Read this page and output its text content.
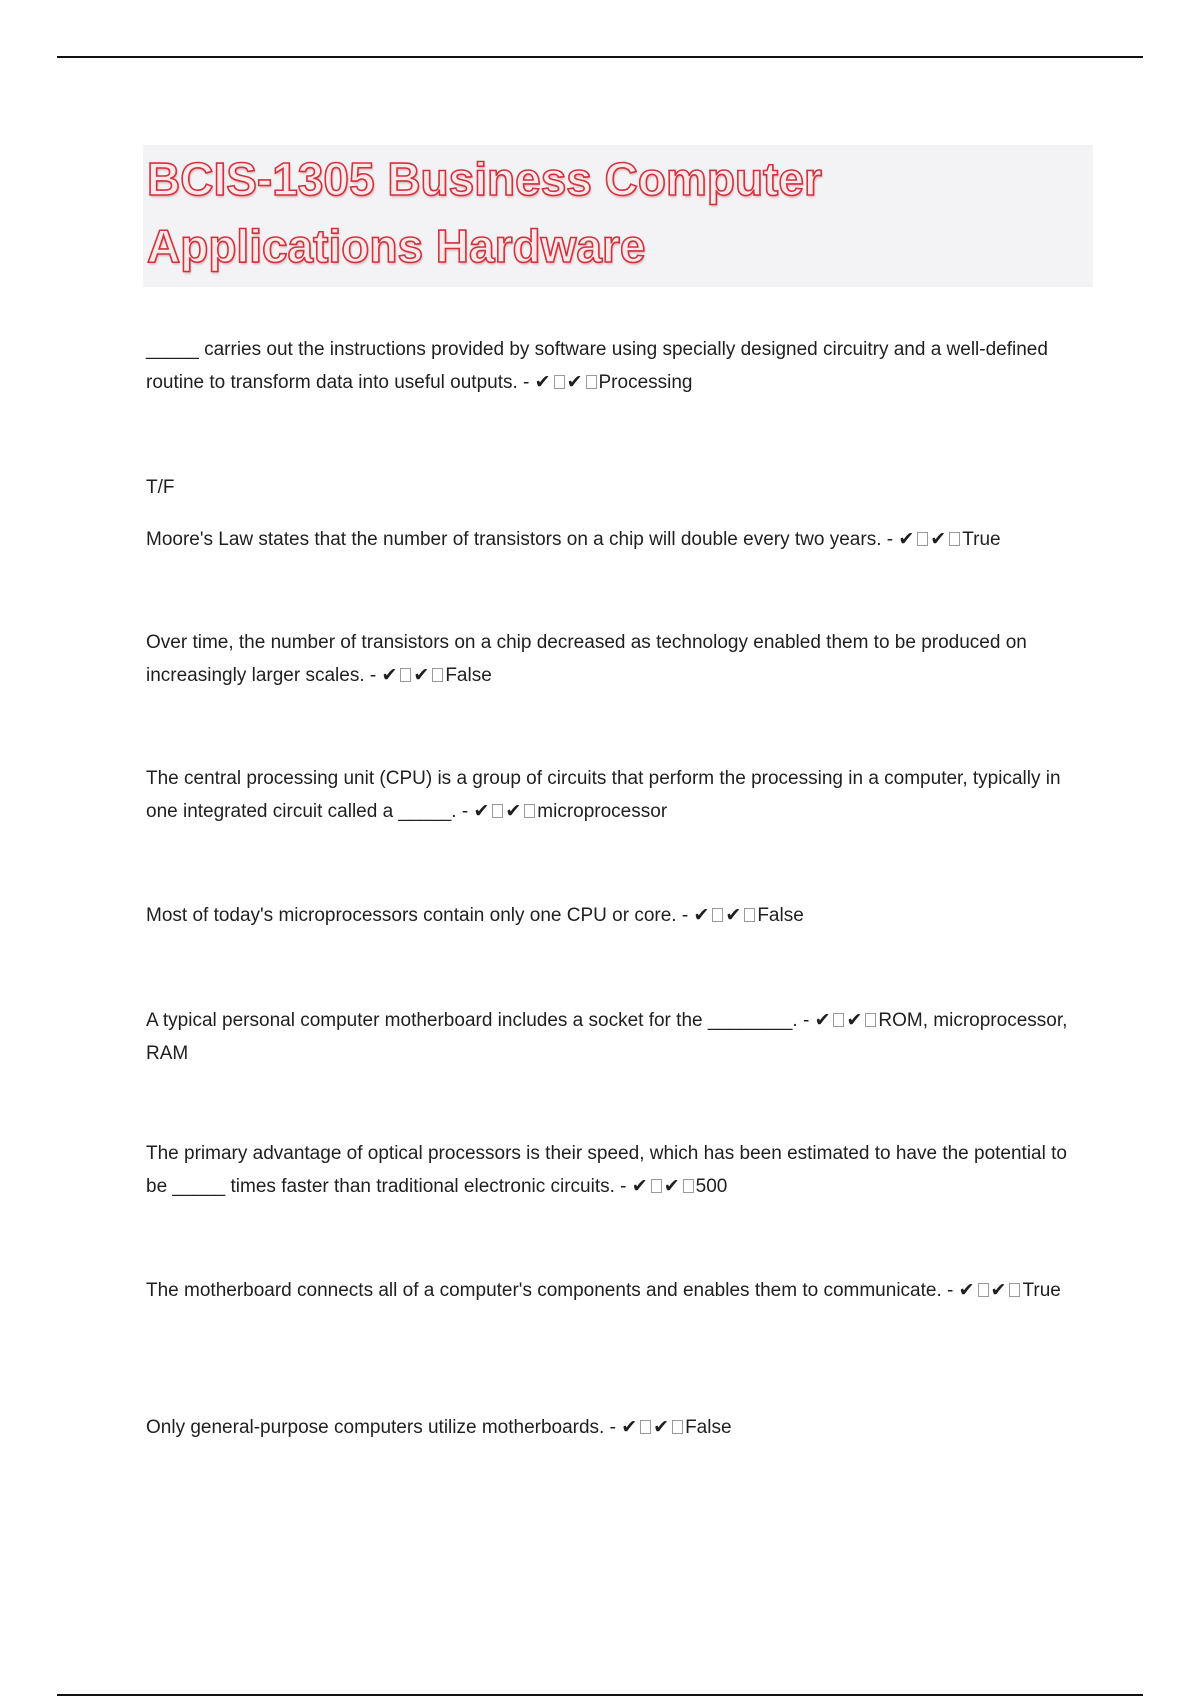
BCIS-1305 Business Computer
Applications Hardware

_____ carries out the instructions provided by software using specially designed circuitry and a well-defined routine to transform data into useful outputs. - ✔ ✔ Processing

T/F

Moore's Law states that the number of transistors on a chip will double every two years. - ✔ ✔ True

Over time, the number of transistors on a chip decreased as technology enabled them to be produced on increasingly larger scales. - ✔ ✔ False

The central processing unit (CPU) is a group of circuits that perform the processing in a computer, typically in one integrated circuit called a _____. - ✔ ✔ microprocessor

Most of today's microprocessors contain only one CPU or core. - ✔ ✔ False

A typical personal computer motherboard includes a socket for the ________. - ✔ ✔ ROM, microprocessor, RAM

The primary advantage of optical processors is their speed, which has been estimated to have the potential to be _____ times faster than traditional electronic circuits. - ✔ ✔ 500

The motherboard connects all of a computer's components and enables them to communicate. - ✔ ✔ True

Only general-purpose computers utilize motherboards. - ✔ ✔ False
